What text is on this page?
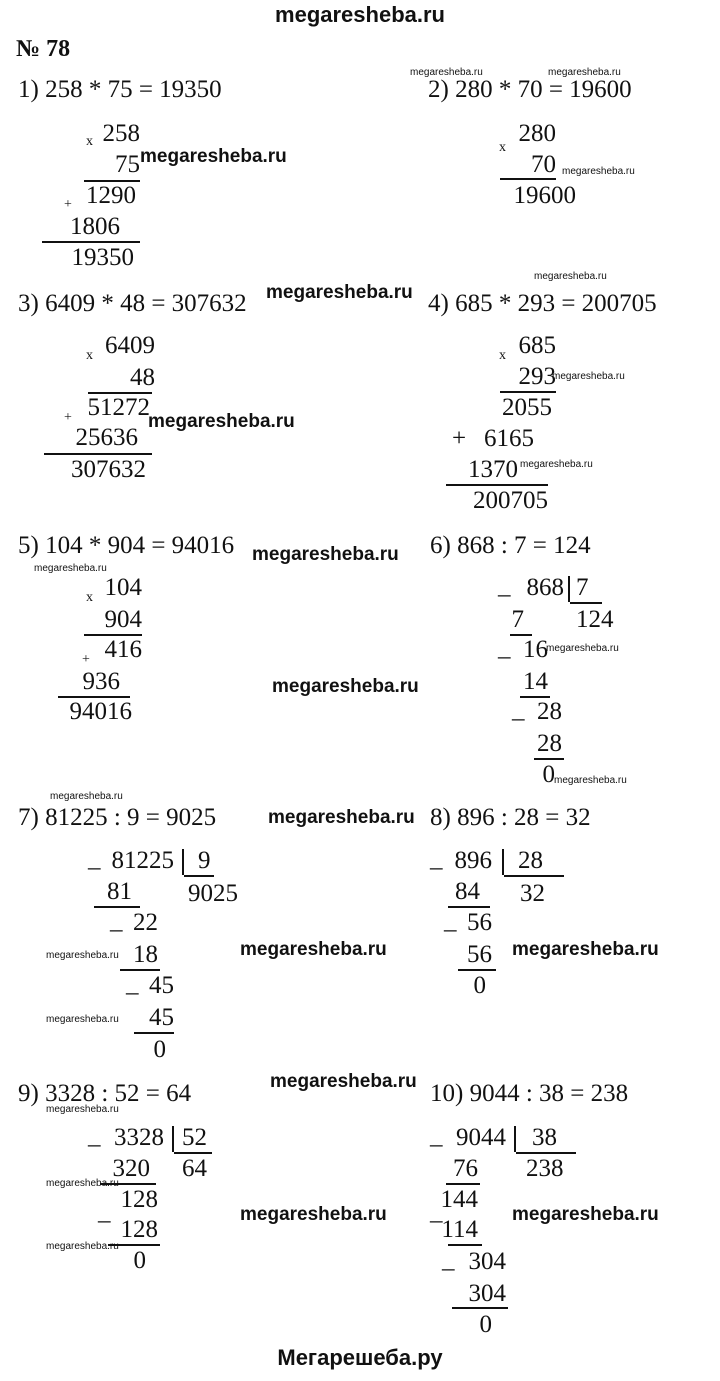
megaresheba.ru
№ 78
Мегарешеба.ру
1) 258 * 75 = 19350
x 258
75
+ 1290
1806
19350
2) 280 * 70 = 19600
x
280
70
19600
3) 6409 * 48 = 307632
x 6409
48
+ 51272
25636
307632
4) 685 * 293 = 200705
x 685
293
2055
+ 6165
1370
200705
5) 104 * 904 = 94016
x 104
904
+ 416
936
94016
6) 868 : 7 = 124
_ 868 7
124
7
_ 16
14
_ 28
28
0
7) 81225 : 9 = 9025
_ 81225 9
9025
81
_ 22
18
_ 45
45
0
8) 896 : 28 = 32
_ 896 28
32
84
_ 56
56
0
9) 3328 : 52 = 64
_ 3328 52
64
320
_ 128
128
0
10) 9044 : 38 = 238
_ 9044 38
238
76
_
144
114
_ 304
304
0
megaresheba.ru
megaresheba.ru
megaresheba.ru
megaresheba.ru
megaresheba.ru
megaresheba.ru
megaresheba.ru	megaresheba.ru
megaresheba.ru
megaresheba.ru	megaresheba.ru
megaresheba.ru	megaresheba.ru
megaresheba.ru
megaresheba.ru
megaresheba.ru
megaresheba.ru
megaresheba.ru
megaresheba.ru
megaresheba.ru
megaresheba.ru
megaresheba.ru
megaresheba.ru
megaresheba.ru
megaresheba.ru
megaresheba.ru
